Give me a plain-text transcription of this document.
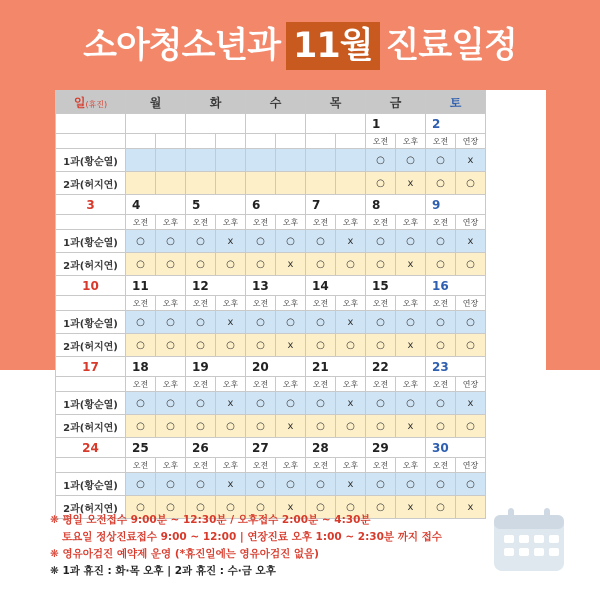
소아청소년과 11월 진료일정
일(휴진)	월		화		수		목		금		토	
									1		2	
									오전	오후	오전	연장
1과(황순열)									○	○	○	x
2과(허지연)									○	x	○	○
3	4		5		6		7		8		9	
	오전	오후	오전	오후	오전	오후	오전	오후	오전	오후	오전	연장
1과(황순열)	○	○	○	x	○	○	○	x	○	○	○	x
2과(허지연)	○	○	○	○	○	x	○	○	○	x	○	○
10	11		12		13		14		15		16	
	오전	오후	오전	오후	오전	오후	오전	오후	오전	오후	오전	연장
1과(황순열)	○	○	○	x	○	○	○	x	○	○	○	○
2과(허지연)	○	○	○	○	○	x	○	○	○	x	○	○
17	18		19		20		21		22		23	
	오전	오후	오전	오후	오전	오후	오전	오후	오전	오후	오전	연장
1과(황순열)	○	○	○	x	○	○	○	x	○	○	○	x
2과(허지연)	○	○	○	○	○	x	○	○	○	x	○	○
24	25		26		27		28		29		30	
	오전	오후	오전	오후	오전	오후	오전	오후	오전	오후	오전	연장
1과(황순열)	○	○	○	x	○	○	○	x	○	○	○	○
2과(허지연)	○	○	○	○	○	x	○	○	○	x	○	x
❋ 평일 오전접수 9:00분 ~ 12:30분 / 오후접수 2:00분 ~ 4:30분
토요일 정상진료접수 9:00 ~ 12:00 | 연장진료 오후 1:00 ~ 2:30분 까지 접수
❋ 영유아검진 예약제 운영 (*휴진일에는 영유아검진 없음)
❋ 1과 휴진 : 화·목 오후 | 2과 휴진 : 수·금 오후
